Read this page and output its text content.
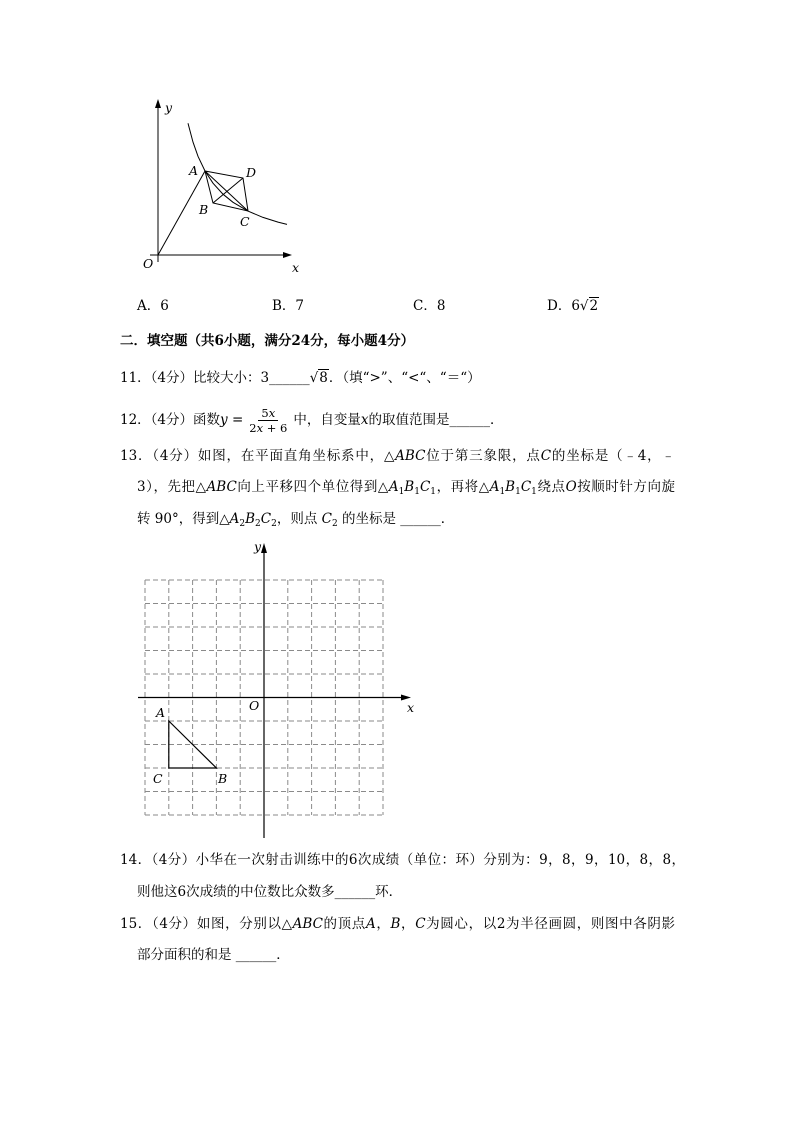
y
O	x
A	D
B
C
A．6	B．7	C．8	D．6√2
二．填空题（共6小题，满分24分，每小题4分）
11．（4分）比较大小：3______√8．（填“>”、“<“、“＝“）
12．（4分） 函数 y
= $\frac{5x}{2x + 6}$ 中，自变量 x 的取值范围是 ______ ．
13．（4分）如图，在平面直角坐标系中，△ABC位于第三象限，点C的坐标是（﹣4，﹣
3），先把△ABC向上平移四个单位得到$\triangle A_1B_1C_1$，再将$\triangle A_1B_1C_1$绕点O按顺时针方向旋
转 90°，得到$\triangle A_2B_2C_2$，则点 $C_2$ 的坐标是 ______．
y
O	x
A
C	B
14．（4分）小华在一次射击训练中的6次成绩（单位：环）分别为：9，8，9，10，8，8，
则他这6次成绩的中位数比众数多______环．
15．（4分）如图，分别以△ABC的顶点A，B，C为圆心，以2为半径画圆，则图中各阴影
部分面积的和是 ______．
